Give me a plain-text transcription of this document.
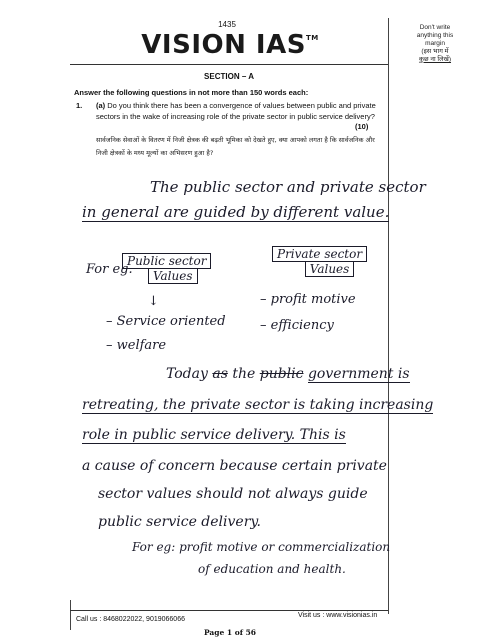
Don't write
anything this
margin
(इस भाग में
कुछ ना लिखें)
1435
VISION IAS™
SECTION – A
Answer the following questions in not more than 150 words each:
1. (a) Do you think there has been a convergence of values between public and private sectors in the wake of increasing role of the private sector in public service delivery?
(10)
सार्वजनिक सेवाओं के वितरण में निजी क्षेत्रक की बढ़ती भूमिका को देखते हुए, क्या आपको लगता है कि सार्वजनिक और निजी क्षेत्रकों के मध्य मूल्यों का अभिसरण हुआ है?
The public sector and private sector
in general are guided by different value.
For eg.
Public sector
Values
↓
Private sector
Values
– Service oriented
– welfare
– profit motive
– efficiency
Today as the public government is
retreating, the private sector is taking increasing
role in public service delivery. This is
a cause of concern because certain private
sector values should not always guide
public service delivery.
For eg: profit motive or commercialization
of education and health.
Call us : 8468022022, 9019066066
Visit us : www.visionias.in
Page 1 of 56
